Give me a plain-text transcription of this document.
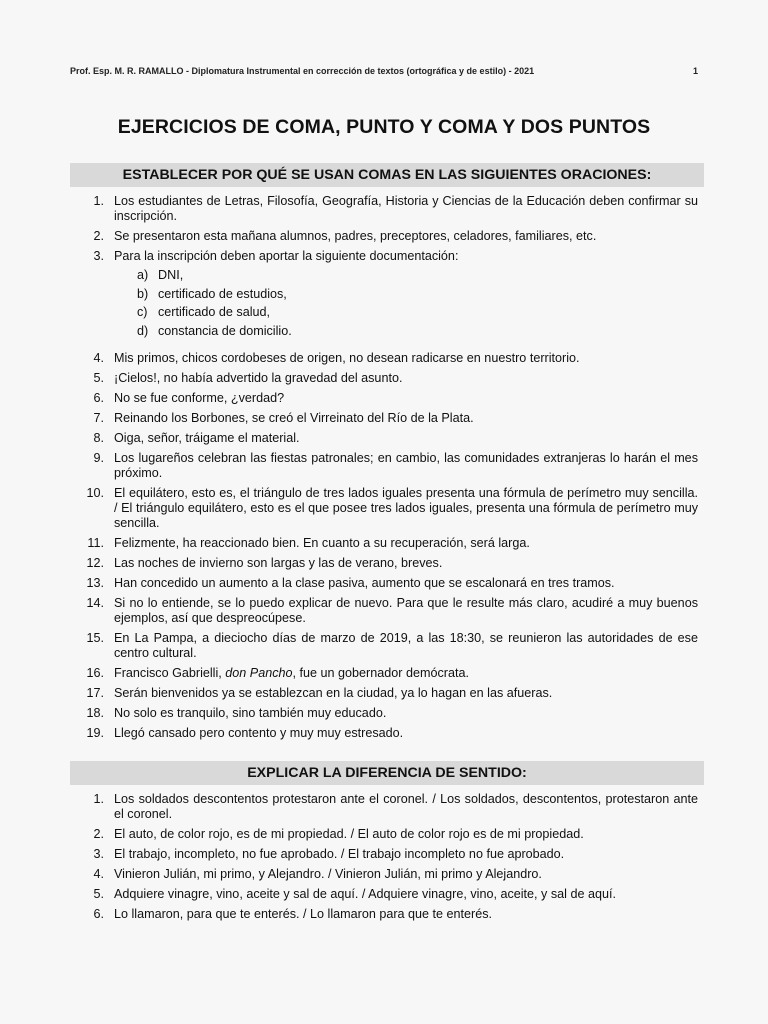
Prof. Esp. M. R. RAMALLO - Diplomatura Instrumental en corrección de textos (ortográfica y de estilo) - 2021	1
EJERCICIOS DE COMA, PUNTO Y COMA Y DOS PUNTOS
ESTABLECER POR QUÉ SE USAN COMAS EN LAS SIGUIENTES ORACIONES:
1. Los estudiantes de Letras, Filosofía, Geografía, Historia y Ciencias de la Educación deben confirmar su inscripción.
2. Se presentaron esta mañana alumnos, padres, preceptores, celadores, familiares, etc.
3. Para la inscripción deben aportar la siguiente documentación:
a) DNI,
b) certificado de estudios,
c) certificado de salud,
d) constancia de domicilio.
4. Mis primos, chicos cordobeses de origen, no desean radicarse en nuestro territorio.
5. ¡Cielos!, no había advertido la gravedad del asunto.
6. No se fue conforme, ¿verdad?
7. Reinando los Borbones, se creó el Virreinato del Río de la Plata.
8. Oiga, señor, tráigame el material.
9. Los lugareños celebran las fiestas patronales; en cambio, las comunidades extranjeras lo harán el mes próximo.
10. El equilátero, esto es, el triángulo de tres lados iguales presenta una fórmula de perímetro muy sencilla. / El triángulo equilátero, esto es el que posee tres lados iguales, presenta una fórmula de perímetro muy sencilla.
11. Felizmente, ha reaccionado bien. En cuanto a su recuperación, será larga.
12. Las noches de invierno son largas y las de verano, breves.
13. Han concedido un aumento a la clase pasiva, aumento que se escalonará en tres tramos.
14. Si no lo entiende, se lo puedo explicar de nuevo. Para que le resulte más claro, acudiré a muy buenos ejemplos, así que despreocúpese.
15. En La Pampa, a dieciocho días de marzo de 2019, a las 18:30, se reunieron las autoridades de ese centro cultural.
16. Francisco Gabrielli, don Pancho, fue un gobernador demócrata.
17. Serán bienvenidos ya se establezcan en la ciudad, ya lo hagan en las afueras.
18. No solo es tranquilo, sino también muy educado.
19. Llegó cansado pero contento y muy muy estresado.
EXPLICAR LA DIFERENCIA DE SENTIDO:
1. Los soldados descontentos protestaron ante el coronel. / Los soldados, descontentos, protestaron ante el coronel.
2. El auto, de color rojo, es de mi propiedad. / El auto de color rojo es de mi propiedad.
3. El trabajo, incompleto, no fue aprobado. / El trabajo incompleto no fue aprobado.
4. Vinieron Julián, mi primo, y Alejandro. / Vinieron Julián, mi primo y Alejandro.
5. Adquiere vinagre, vino, aceite y sal de aquí. / Adquiere vinagre, vino, aceite, y sal de aquí.
6. Lo llamaron, para que te enterés. / Lo llamaron para que te enterés.
